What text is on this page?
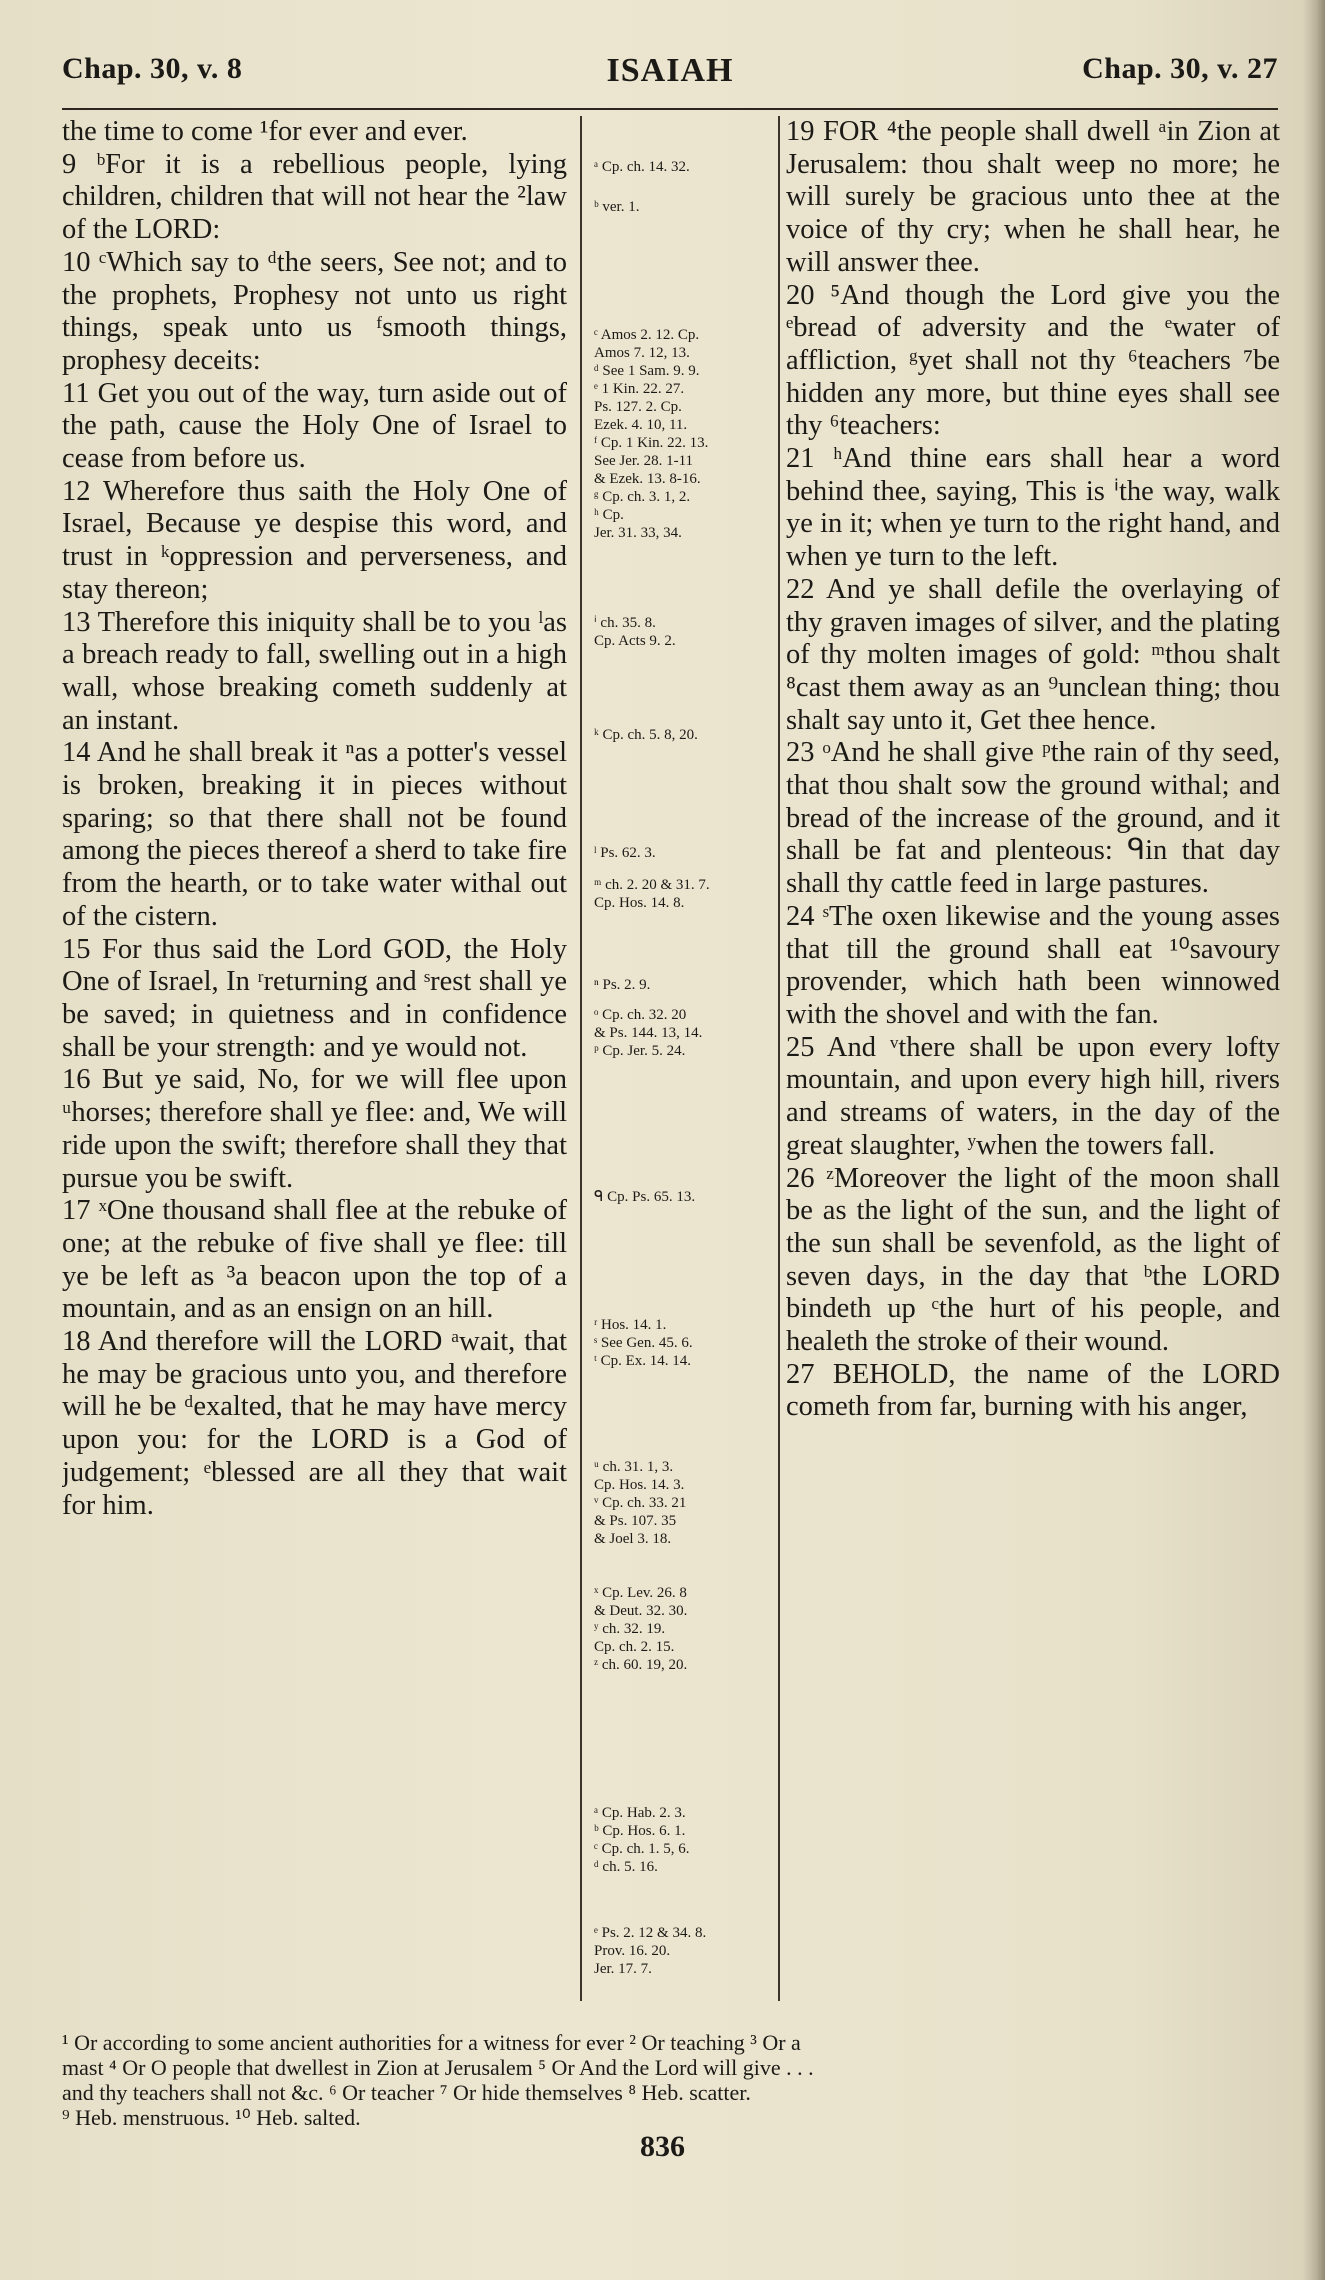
Chap. 30, v. 8	ISAIAH	Chap. 30, v. 27

the time to come ¹for ever and ever.

9 ᵇFor it is a rebellious people, lying children, children that will not hear the ²law of the LORD:

10 ᶜWhich say to ᵈthe seers, See not; and to the prophets, Prophesy not unto us right things, speak unto us ᶠsmooth things, prophesy deceits:

11 Get you out of the way, turn aside out of the path, cause the Holy One of Israel to cease from before us.

12 Wherefore thus saith the Holy One of Israel, Because ye despise this word, and trust in ᵏoppression and perverseness, and stay thereon;

13 Therefore this iniquity shall be to you ˡas a breach ready to fall, swelling out in a high wall, whose breaking cometh suddenly at an instant.

14 And he shall break it ⁿas a potter's vessel is broken, breaking it in pieces without sparing; so that there shall not be found among the pieces thereof a sherd to take fire from the hearth, or to take water withal out of the cistern.

15 For thus said the Lord GOD, the Holy One of Israel, In ʳreturning and ˢrest shall ye be saved; in quietness and in confidence shall be your strength: and ye would not.

16 But ye said, No, for we will flee upon ᵘhorses; therefore shall ye flee: and, We will ride upon the swift; therefore shall they that pursue you be swift.

17 ˣOne thousand shall flee at the rebuke of one; at the rebuke of five shall ye flee: till ye be left as ³a beacon upon the top of a mountain, and as an ensign on an hill.

18 And therefore will the LORD ᵃwait, that he may be gracious unto you, and therefore will he be ᵈexalted, that he may have mercy upon you: for the LORD is a God of judgement; ᵉblessed are all they that wait for him.

ᵃ Cp. ch. 14. 32.
ᵇ ver. 1.
ᶜ Amos 2. 12. Cp.
Amos 7. 12, 13.
ᵈ See 1 Sam. 9. 9.
ᵉ 1 Kin. 22. 27.
Ps. 127. 2. Cp.
Ezek. 4. 10, 11.
ᶠ Cp. 1 Kin. 22. 13.
See Jer. 28. 1-11
& Ezek. 13. 8-16.
ᵍ Cp. ch. 3. 1, 2.
ʰ Cp.
Jer. 31. 33, 34.
ⁱ ch. 35. 8.
Cp. Acts 9. 2.
ᵏ Cp. ch. 5. 8, 20.
ˡ Ps. 62. 3.
ᵐ ch. 2. 20 & 31. 7.
Cp. Hos. 14. 8.
ⁿ Ps. 2. 9.
ᵒ Cp. ch. 32. 20
& Ps. 144. 13, 14.
ᵖ Cp. Jer. 5. 24.
ᑫ Cp. Ps. 65. 13.
ʳ Hos. 14. 1.
ˢ See Gen. 45. 6.
ᵗ Cp. Ex. 14. 14.
ᵘ ch. 31. 1, 3.
Cp. Hos. 14. 3.
ᵛ Cp. ch. 33. 21
& Ps. 107. 35
& Joel 3. 18.
ˣ Cp. Lev. 26. 8
& Deut. 32. 30.
ʸ ch. 32. 19.
Cp. ch. 2. 15.
ᶻ ch. 60. 19, 20.
ᵃ Cp. Hab. 2. 3.
ᵇ Cp. Hos. 6. 1.
ᶜ Cp. ch. 1. 5, 6.
ᵈ ch. 5. 16.
ᵉ Ps. 2. 12 & 34. 8.
Prov. 16. 20.
Jer. 17. 7.

19 FOR ⁴the people shall dwell ᵃin Zion at Jerusalem: thou shalt weep no more; he will surely be gracious unto thee at the voice of thy cry; when he shall hear, he will answer thee.

20 ⁵And though the Lord give you the ᵉbread of adversity and the ᵉwater of affliction, ᵍyet shall not thy ⁶teachers ⁷be hidden any more, but thine eyes shall see thy ⁶teachers:

21 ʰAnd thine ears shall hear a word behind thee, saying, This is ⁱthe way, walk ye in it; when ye turn to the right hand, and when ye turn to the left.

22 And ye shall defile the overlaying of thy graven images of silver, and the plating of thy molten images of gold: ᵐthou shalt ⁸cast them away as an ⁹unclean thing; thou shalt say unto it, Get thee hence.

23 ᵒAnd he shall give ᵖthe rain of thy seed, that thou shalt sow the ground withal; and bread of the increase of the ground, and it shall be fat and plenteous: ᑫin that day shall thy cattle feed in large pastures.

24 ˢThe oxen likewise and the young asses that till the ground shall eat ¹⁰savoury provender, which hath been winnowed with the shovel and with the fan.

25 And ᵛthere shall be upon every lofty mountain, and upon every high hill, rivers and streams of waters, in the day of the great slaughter, ʸwhen the towers fall.

26 ᶻMoreover the light of the moon shall be as the light of the sun, and the light of the sun shall be sevenfold, as the light of seven days, in the day that ᵇthe LORD bindeth up ᶜthe hurt of his people, and healeth the stroke of their wound.

27 BEHOLD, the name of the LORD cometh from far, burning with his anger,

¹ Or according to some ancient authorities for a witness for ever ² Or teaching ³ Or a
mast ⁴ Or O people that dwellest in Zion at Jerusalem ⁵ Or And the Lord will give . . .
and thy teachers shall not &c. ⁶ Or teacher ⁷ Or hide themselves ⁸ Heb. scatter.
⁹ Heb. menstruous. ¹⁰ Heb. salted.
836
